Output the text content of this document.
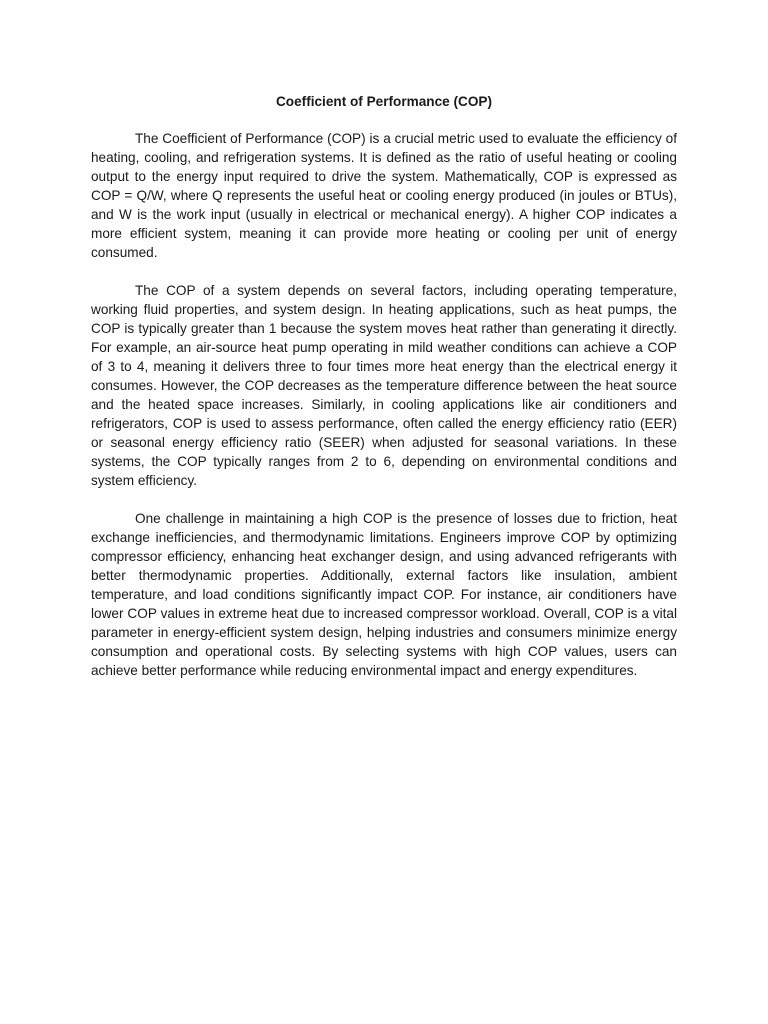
Coefficient of Performance (COP)

The Coefficient of Performance (COP) is a crucial metric used to evaluate the efficiency of heating, cooling, and refrigeration systems. It is defined as the ratio of useful heating or cooling output to the energy input required to drive the system. Mathematically, COP is expressed as COP = Q/W, where Q represents the useful heat or cooling energy produced (in joules or BTUs), and W is the work input (usually in electrical or mechanical energy). A higher COP indicates a more efficient system, meaning it can provide more heating or cooling per unit of energy consumed.

The COP of a system depends on several factors, including operating temperature, working fluid properties, and system design. In heating applications, such as heat pumps, the COP is typically greater than 1 because the system moves heat rather than generating it directly. For example, an air-source heat pump operating in mild weather conditions can achieve a COP of 3 to 4, meaning it delivers three to four times more heat energy than the electrical energy it consumes. However, the COP decreases as the temperature difference between the heat source and the heated space increases. Similarly, in cooling applications like air conditioners and refrigerators, COP is used to assess performance, often called the energy efficiency ratio (EER) or seasonal energy efficiency ratio (SEER) when adjusted for seasonal variations. In these systems, the COP typically ranges from 2 to 6, depending on environmental conditions and system efficiency.

One challenge in maintaining a high COP is the presence of losses due to friction, heat exchange inefficiencies, and thermodynamic limitations. Engineers improve COP by optimizing compressor efficiency, enhancing heat exchanger design, and using advanced refrigerants with better thermodynamic properties. Additionally, external factors like insulation, ambient temperature, and load conditions significantly impact COP. For instance, air conditioners have lower COP values in extreme heat due to increased compressor workload. Overall, COP is a vital parameter in energy-efficient system design, helping industries and consumers minimize energy consumption and operational costs. By selecting systems with high COP values, users can achieve better performance while reducing environmental impact and energy expenditures.
